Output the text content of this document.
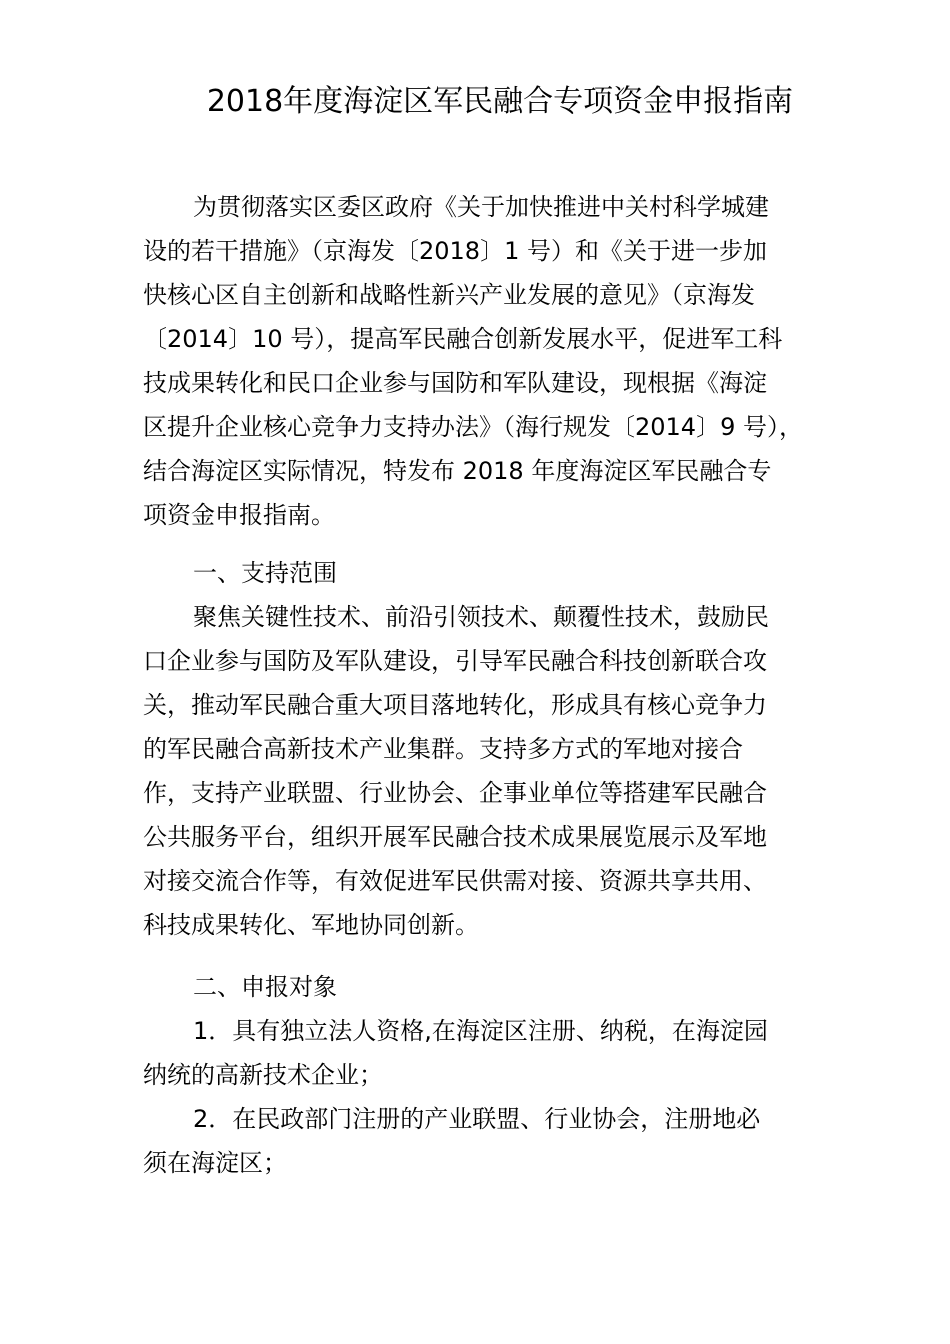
2018年度海淀区军民融合专项资金申报指南
为贯彻落实区委区政府《关于加快推进中关村科学城建
设的若干措施》（京海发〔2018〕1 号）和《关于进一步加
快核心区自主创新和战略性新兴产业发展的意见》（京海发
〔2014〕10 号），提高军民融合创新发展水平，促进军工科
技成果转化和民口企业参与国防和军队建设，现根据《海淀
区提升企业核心竞争力支持办法》（海行规发〔2014〕9 号），
结合海淀区实际情况，特发布 2018 年度海淀区军民融合专
项资金申报指南。
一、支持范围
聚焦关键性技术、前沿引领技术、颠覆性技术，鼓励民
口企业参与国防及军队建设，引导军民融合科技创新联合攻
关，推动军民融合重大项目落地转化，形成具有核心竞争力
的军民融合高新技术产业集群。支持多方式的军地对接合
作，支持产业联盟、行业协会、企事业单位等搭建军民融合
公共服务平台，组织开展军民融合技术成果展览展示及军地
对接交流合作等，有效促进军民供需对接、资源共享共用、
科技成果转化、军地协同创新。
二、申报对象
1．具有独立法人资格,在海淀区注册、纳税，在海淀园
纳统的高新技术企业；
2．在民政部门注册的产业联盟、行业协会，注册地必
须在海淀区；
